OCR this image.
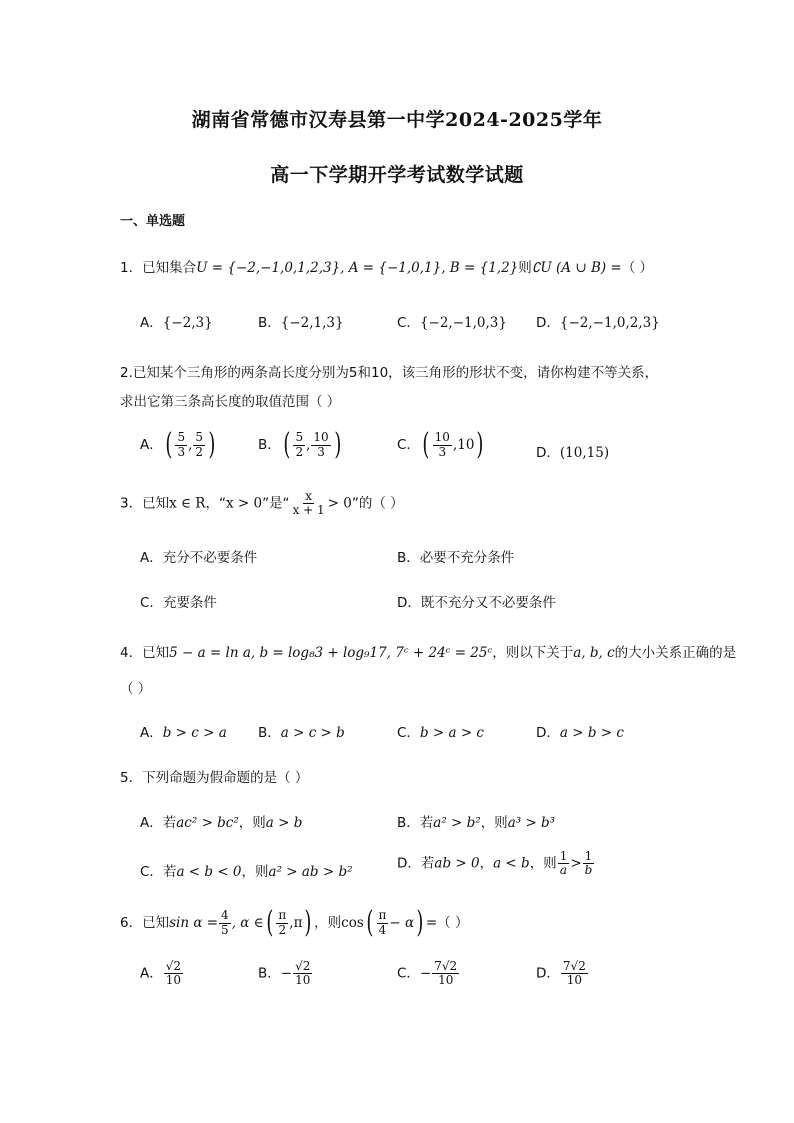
湖南省常德市汉寿县第一中学2024-2025学年
高一下学期开学考试数学试题
一、单选题
1．已知集合U = {−2,−1,0,1,2,3}, A = {−1,0,1}, B = {1,2}则∁U (A ∪ B) =（ ）
A．{−2,3}	B．{−2,1,3}	C．{−2,−1,0,3} D．{−2,−1,0,2,3}
2.已知某个三角形的两条高长度分别为5和10，该三角形的形状不变，请你构建不等关系，
求出它第三条高长度的取值范围（ ）
A．( $\frac{5}{3}$ , $\frac{5}{2}$ )	B．( $\frac{5}{2}$ , $\frac{10}{3}$ )	C．( $\frac{10}{3} ,10$)	D．(10,15)
3．已知x ∈ R，“x > 0”是“ $\frac{x}{x + 1} > 0$”的（ ）
A．充分不必要条件	B．必要不充分条件
C．充要条件	D．既不充分又不必要条件
4．已知5 − a = ln a, b = log₈3 + log₉17, 7ᶜ + 24ᶜ = 25ᶜ，则以下关于a, b, c的大小关系正确的是
（ ）
A．b > c > a B．a > c > b	C．b > a > c	D．a > b > c
5．下列命题为假命题的是（ ）
A．若ac² > bc²，则a > b	B．若a² > b²，则a³ > b³
C．若a < b < 0，则a² > ab > b²
D．若ab > 0，a < b，则 $\frac{1}{a} > \frac{1}{b}$
6．已知$\sin \alpha = \frac{4}{5}$ , α ∈( $\frac{\pi}{2} ,\pi$) ，则$\cos( \frac{\pi}{4} - \alpha)$ =（ ）
A． $\frac{√2}{10}$	B．− $\frac{√2}{10}$	C．− $\frac{7√2}{10}$	D． $\frac{7√2}{10}$
